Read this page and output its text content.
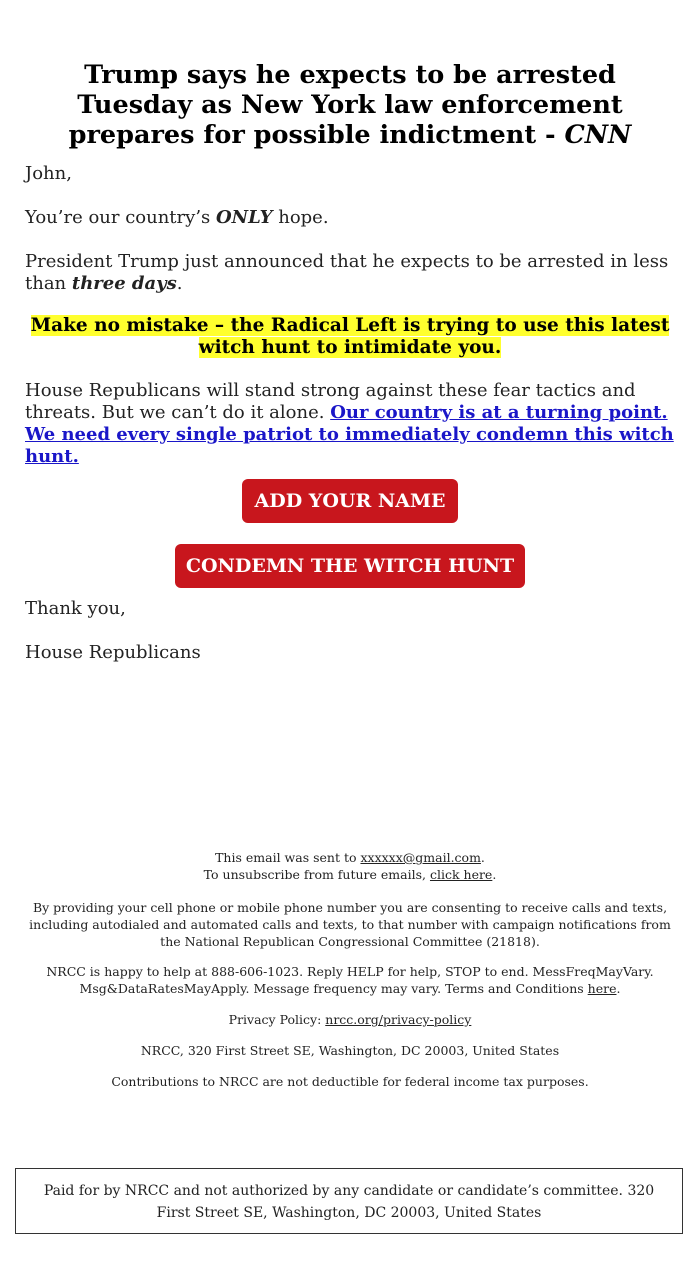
Trump says he expects to be arrested Tuesday as New York law enforcement prepares for possible indictment - CNN

John,

You’re our country’s ONLY hope.

President Trump just announced that he expects to be arrested in less than three days.

Make no mistake – the Radical Left is trying to use this latest witch hunt to intimidate you.

House Republicans will stand strong against these fear tactics and threats. But we can’t do it alone. Our country is at a turning point. We need every single patriot to immediately condemn this witch hunt.

ADD YOUR NAME
CONDEMN THE WITCH HUNT

Thank you,

House Republicans

This email was sent to xxxxxx@gmail.com.

To unsubscribe from future emails, click here.

By providing your cell phone or mobile phone number you are consenting to receive calls and texts, including autodialed and automated calls and texts, to that number with campaign notifications from the National Republican Congressional Committee (21818).

NRCC is happy to help at 888-606-1023. Reply HELP for help, STOP to end. MessFreqMayVary. Msg&DataRatesMayApply. Message frequency may vary. Terms and Conditions here.

Privacy Policy: nrcc.org/privacy-policy

NRCC, 320 First Street SE, Washington, DC 20003, United States

Contributions to NRCC are not deductible for federal income tax purposes.

Paid for by NRCC and not authorized by any candidate or candidate’s committee. 320 First Street SE, Washington, DC 20003, United States
